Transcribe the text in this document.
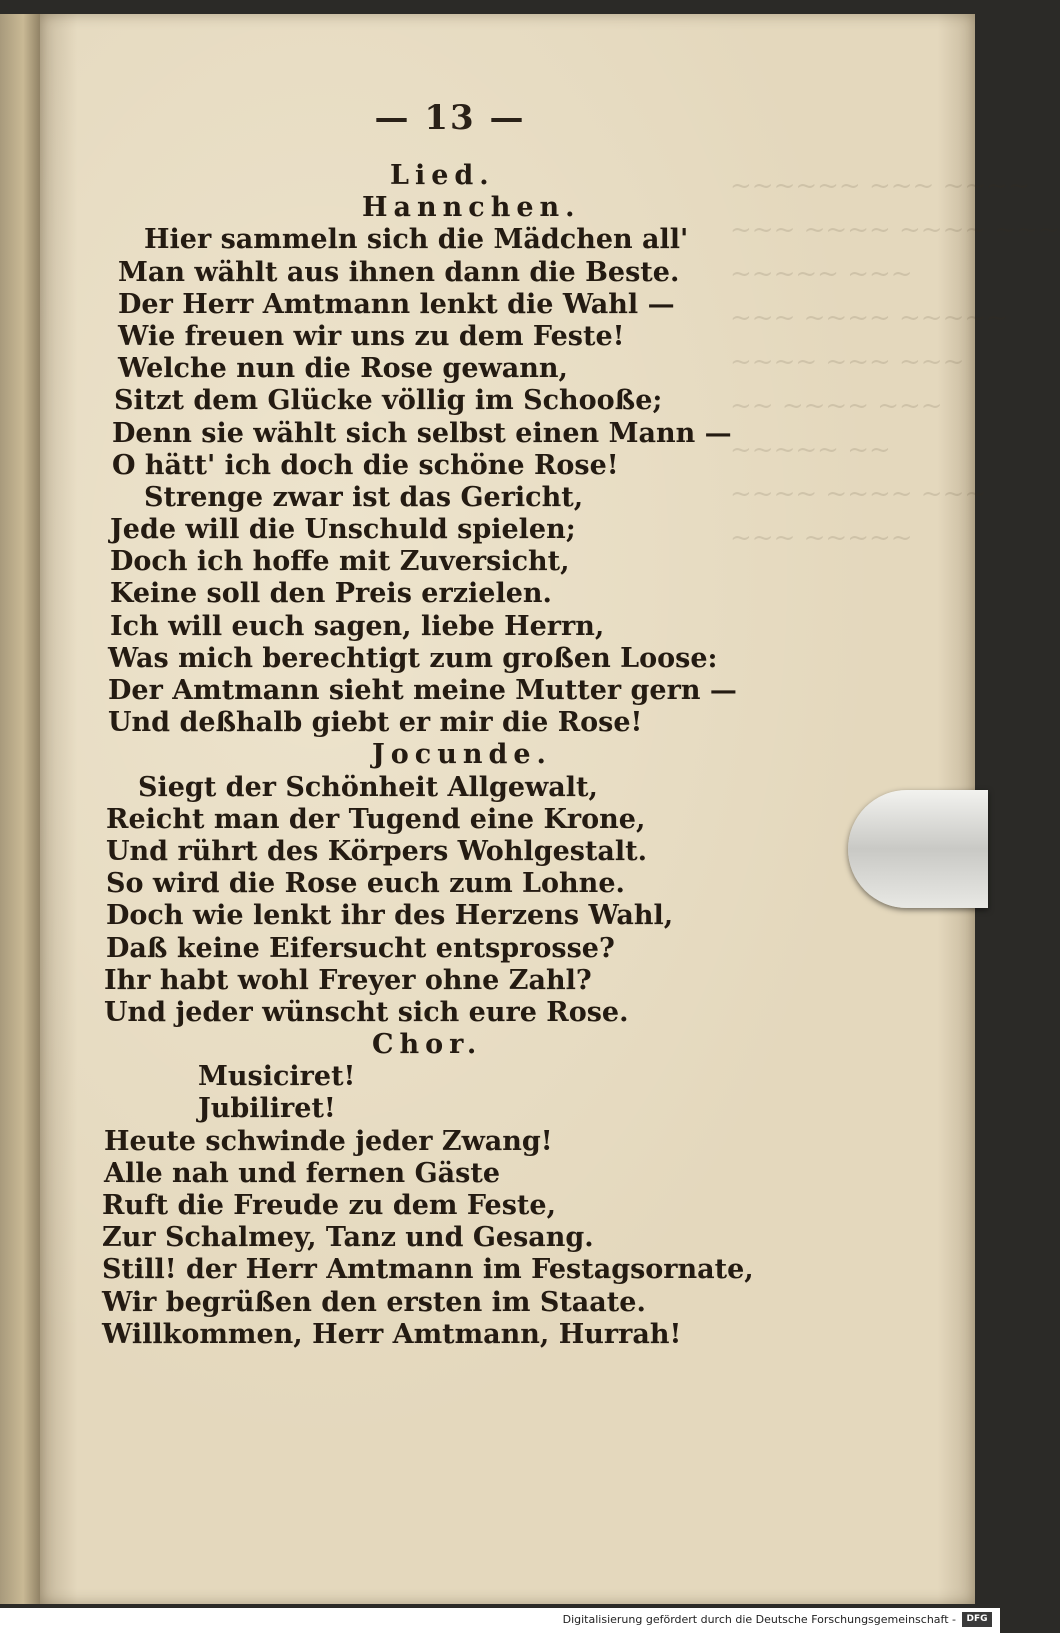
~~~~~~ ~~~ ~~~~
~~~ ~~~~ ~~~~ ~~~
~~~~~ ~~~
~~~ ~~~~ ~~~~~
~~~~ ~~~ ~~~
~~ ~~~~ ~~~
~~~~~ ~~
~~~~ ~~~~ ~~~
~~~ ~~~~~
— 13 —
Lied.
Hannchen.
Hier sammeln sich die Mädchen all'
Man wählt aus ihnen dann die Beste.
Der Herr Amtmann lenkt die Wahl —
Wie freuen wir uns zu dem Feste!
Welche nun die Rose gewann,
Sitzt dem Glücke völlig im Schooße;
Denn sie wählt sich selbst einen Mann —
O hätt' ich doch die schöne Rose!
Strenge zwar ist das Gericht,
Jede will die Unschuld spielen;
Doch ich hoffe mit Zuversicht,
Keine soll den Preis erzielen.
Ich will euch sagen, liebe Herrn,
Was mich berechtigt zum großen Loose:
Der Amtmann sieht meine Mutter gern —
Und deßhalb giebt er mir die Rose!
Jocunde.
Siegt der Schönheit Allgewalt,
Reicht man der Tugend eine Krone,
Und rührt des Körpers Wohlgestalt.
So wird die Rose euch zum Lohne.
Doch wie lenkt ihr des Herzens Wahl,
Daß keine Eifersucht entsprosse?
Ihr habt wohl Freyer ohne Zahl?
Und jeder wünscht sich eure Rose.
Chor.
Musiciret!
Jubiliret!
Heute schwinde jeder Zwang!
Alle nah und fernen Gäste
Ruft die Freude zu dem Feste,
Zur Schalmey, Tanz und Gesang.
Still! der Herr Amtmann im Festagsornate,
Wir begrüßen den ersten im Staate.
Willkommen, Herr Amtmann, Hurrah!
Digitalisierung gefördert durch die Deutsche Forschungsgemeinschaft -	DFG
